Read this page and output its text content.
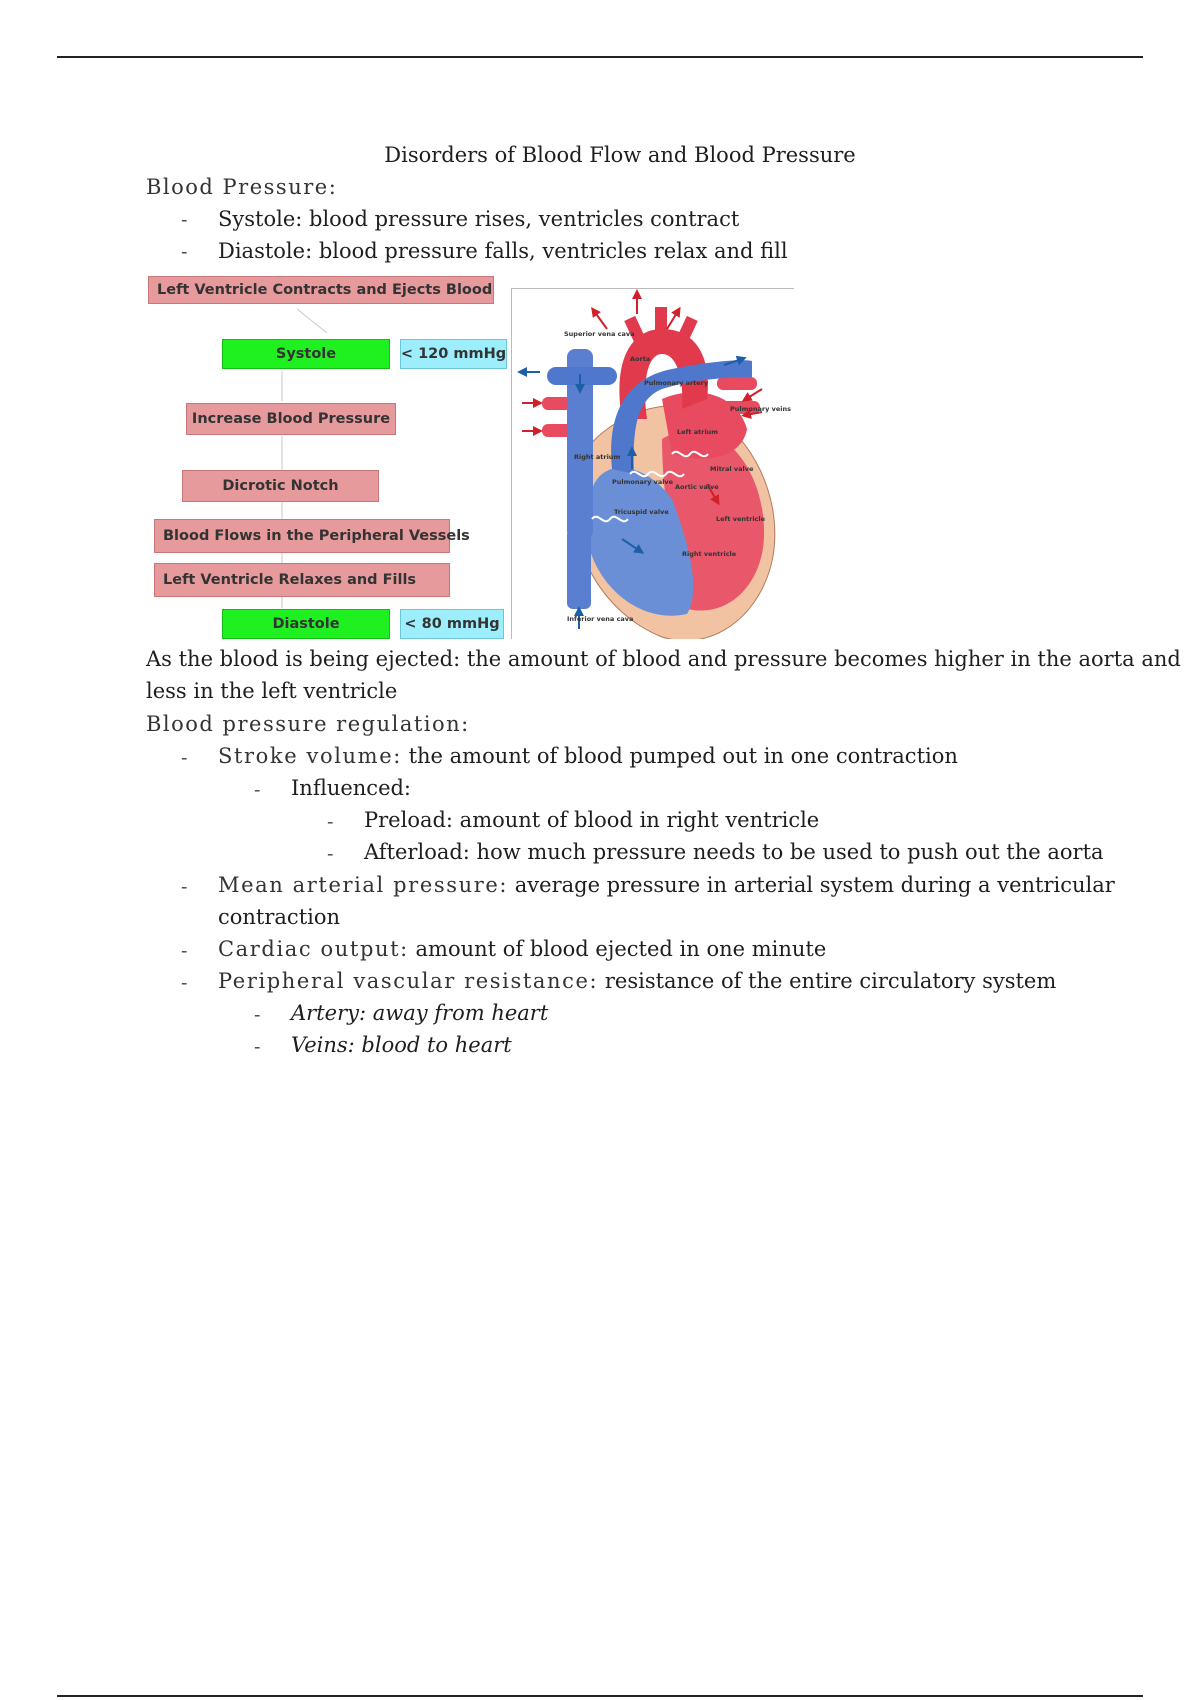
Disorders of Blood Flow and Blood Pressure
Blood Pressure:
- Systole: blood pressure rises, ventricles contract
- Diastole: blood pressure falls, ventricles relax and fill
Left Ventricle Contracts and Ejects Blood
Systole	< 120 mmHg
Increase Blood Pressure
Dicrotic Notch
Blood Flows in the Peripheral Vessels
Left Ventricle Relaxes and Fills
Diastole	< 80 mmHg
Superior vena cava
Aorta
Pulmonary artery
Pulmonary veins
Left atrium
Right atrium
Pulmonary valve
Mitral valve
Aortic valve
Tricuspid valve
Left ventricle
Right ventricle
Inferior vena cava
As the blood is being ejected: the amount of blood and pressure becomes higher in the aorta and
less in the left ventricle
Blood pressure regulation:
- Stroke volume: the amount of blood pumped out in one contraction
- Influenced:
- Preload: amount of blood in right ventricle
- Afterload: how much pressure needs to be used to push out the aorta
- Mean arterial pressure: average pressure in arterial system during a ventricular
contraction
- Cardiac output: amount of blood ejected in one minute
- Peripheral vascular resistance: resistance of the entire circulatory system
- Artery: away from heart
- Veins: blood to heart
